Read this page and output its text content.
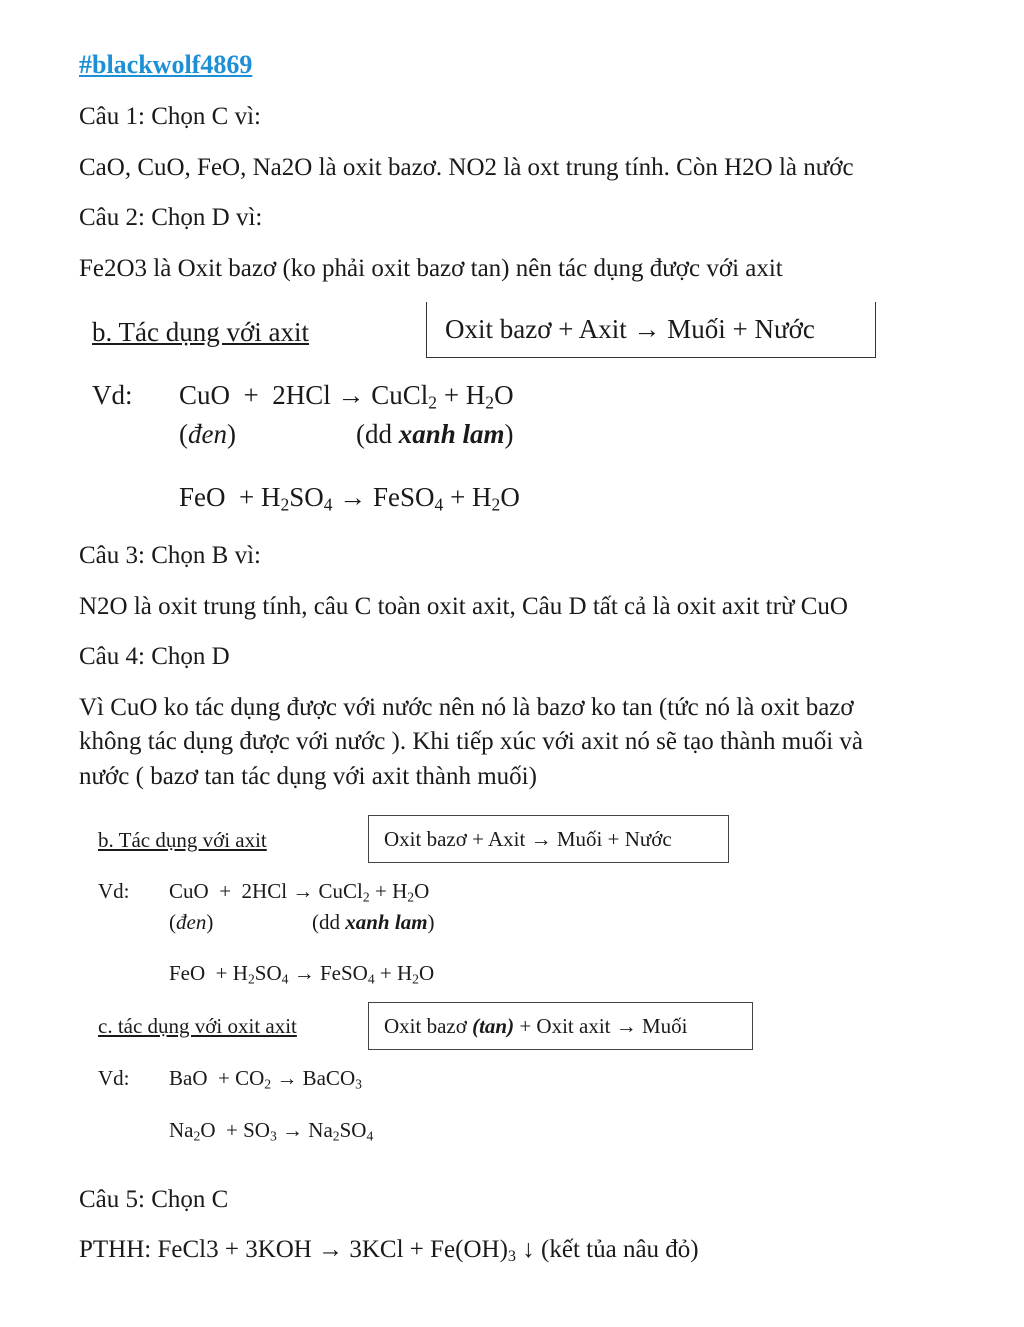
#blackwolf4869
Câu 1: Chọn C vì:
CaO, CuO, FeO, Na2O là oxit bazơ. NO2 là oxt trung tính. Còn H2O là nước
Câu 2: Chọn D vì:
Fe2O3 là Oxit bazơ (ko phải oxit bazơ tan) nên tác dụng được với axit
b. Tác dụng với axit	Oxit bazơ + Axit → Muối + Nước
Vd: CuO + 2HCl → CuCl$_2$ + $H_2O$
(đen)	(dd xanh lam)
FeO + $H_2SO_4$ → FeSO$_4$ + $H_2O$
Câu 3: Chọn B vì:
N2O là oxit trung tính, câu C toàn oxit axit, Câu D tất cả là oxit axit trừ CuO
Câu 4: Chọn D
Vì CuO ko tác dụng được với nước nên nó là bazơ ko tan (tức nó là oxit bazơ
không tác dụng được với nước ). Khi tiếp xúc với axit nó sẽ tạo thành muối và
nước ( bazơ tan tác dụng với axit thành muối)
b. Tác dụng với axit	Oxit bazơ + Axit → Muối + Nước
Vd: CuO + 2HCl → CuCl$_2$ + $H_2O$
(đen)	(dd xanh lam)
FeO + $H_2SO_4$ → FeSO$_4$ + $H_2O$
c. tác dụng với oxit axit	Oxit bazơ (tan) + Oxit axit → Muối
Vd: BaO + $CO_2$ → BaCO$_3$
$Na_2O + SO_3 \to Na_2SO_4$
Câu 5: Chọn C
PTHH: FeCl3 + $3KOH \to 3KCl + Fe(OH)_3$ ↓ (kết tủa nâu đỏ)
